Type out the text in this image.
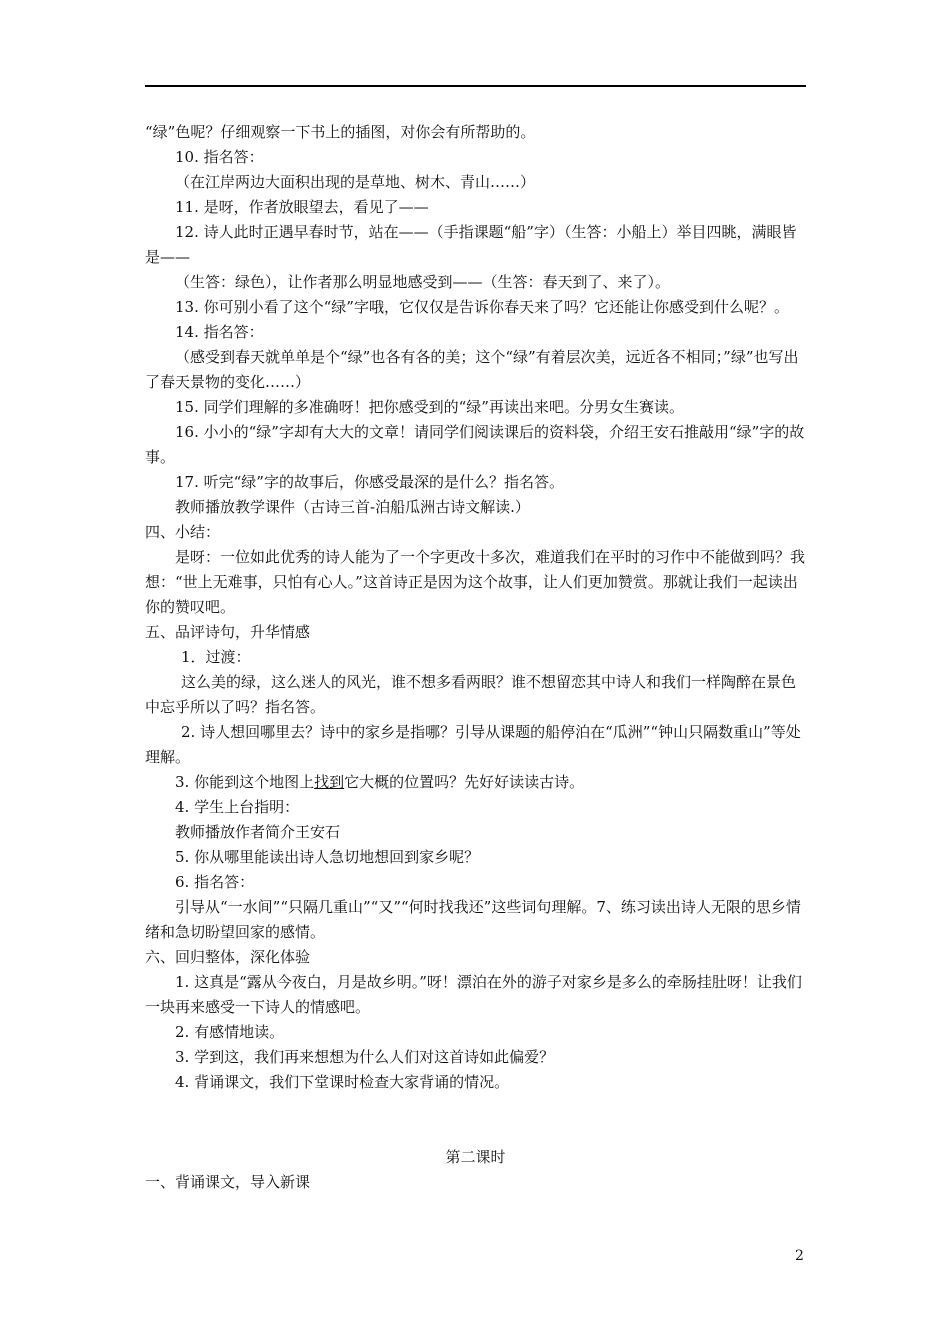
“绿”色呢？仔细观察一下书上的插图，对你会有所帮助的。

10. 指名答：

（在江岸两边大面积出现的是草地、树木、青山……）

11. 是呀，作者放眼望去，看见了——

12. 诗人此时正遇早春时节，站在——（手指课题“船”字）（生答：小船上）举目四眺，满眼皆是——

（生答：绿色），让作者那么明显地感受到——（生答：春天到了、来了）。

13. 你可别小看了这个“绿”字哦，它仅仅是告诉你春天来了吗？它还能让你感受到什么呢？。

14. 指名答：

（感受到春天就单单是个“绿”也各有各的美；这个“绿”有着层次美，远近各不相同；”绿”也写出了春天景物的变化……）

15. 同学们理解的多准确呀！把你感受到的“绿”再读出来吧。分男女生赛读。

16. 小小的“绿”字却有大大的文章！请同学们阅读课后的资料袋，介绍王安石推敲用“绿”字的故事。

17. 听完“绿”字的故事后，你感受最深的是什么？指名答。

教师播放教学课件（古诗三首-泊船瓜洲古诗文解读.）

四、小结：

是呀：一位如此优秀的诗人能为了一个字更改十多次，难道我们在平时的习作中不能做到吗？我想：“世上无难事，只怕有心人。”这首诗正是因为这个故事，让人们更加赞赏。那就让我们一起读出你的赞叹吧。

五、品评诗句，升华情感

1．过渡：

这么美的绿，这么迷人的风光，谁不想多看两眼？谁不想留恋其中诗人和我们一样陶醉在景色中忘乎所以了吗？指名答。

2. 诗人想回哪里去？诗中的家乡是指哪？引导从课题的船停泊在“瓜洲”“钟山只隔数重山”等处理解。

3. 你能到这个地图上找到它大概的位置吗？先好好读读古诗。

4. 学生上台指明：

教师播放作者简介王安石

5. 你从哪里能读出诗人急切地想回到家乡呢？

6. 指名答：

引导从“一水间”“只隔几重山”“又”“何时找我还”这些词句理解。7、练习读出诗人无限的思乡情绪和急切盼望回家的感情。

六、回归整体，深化体验

1. 这真是“露从今夜白，月是故乡明。”呀！漂泊在外的游子对家乡是多么的牵肠挂肚呀！让我们一块再来感受一下诗人的情感吧。

2. 有感情地读。

3. 学到这，我们再来想想为什么人们对这首诗如此偏爱？

4. 背诵课文，我们下堂课时检查大家背诵的情况。

第二课时

一、背诵课文，导入新课

2
